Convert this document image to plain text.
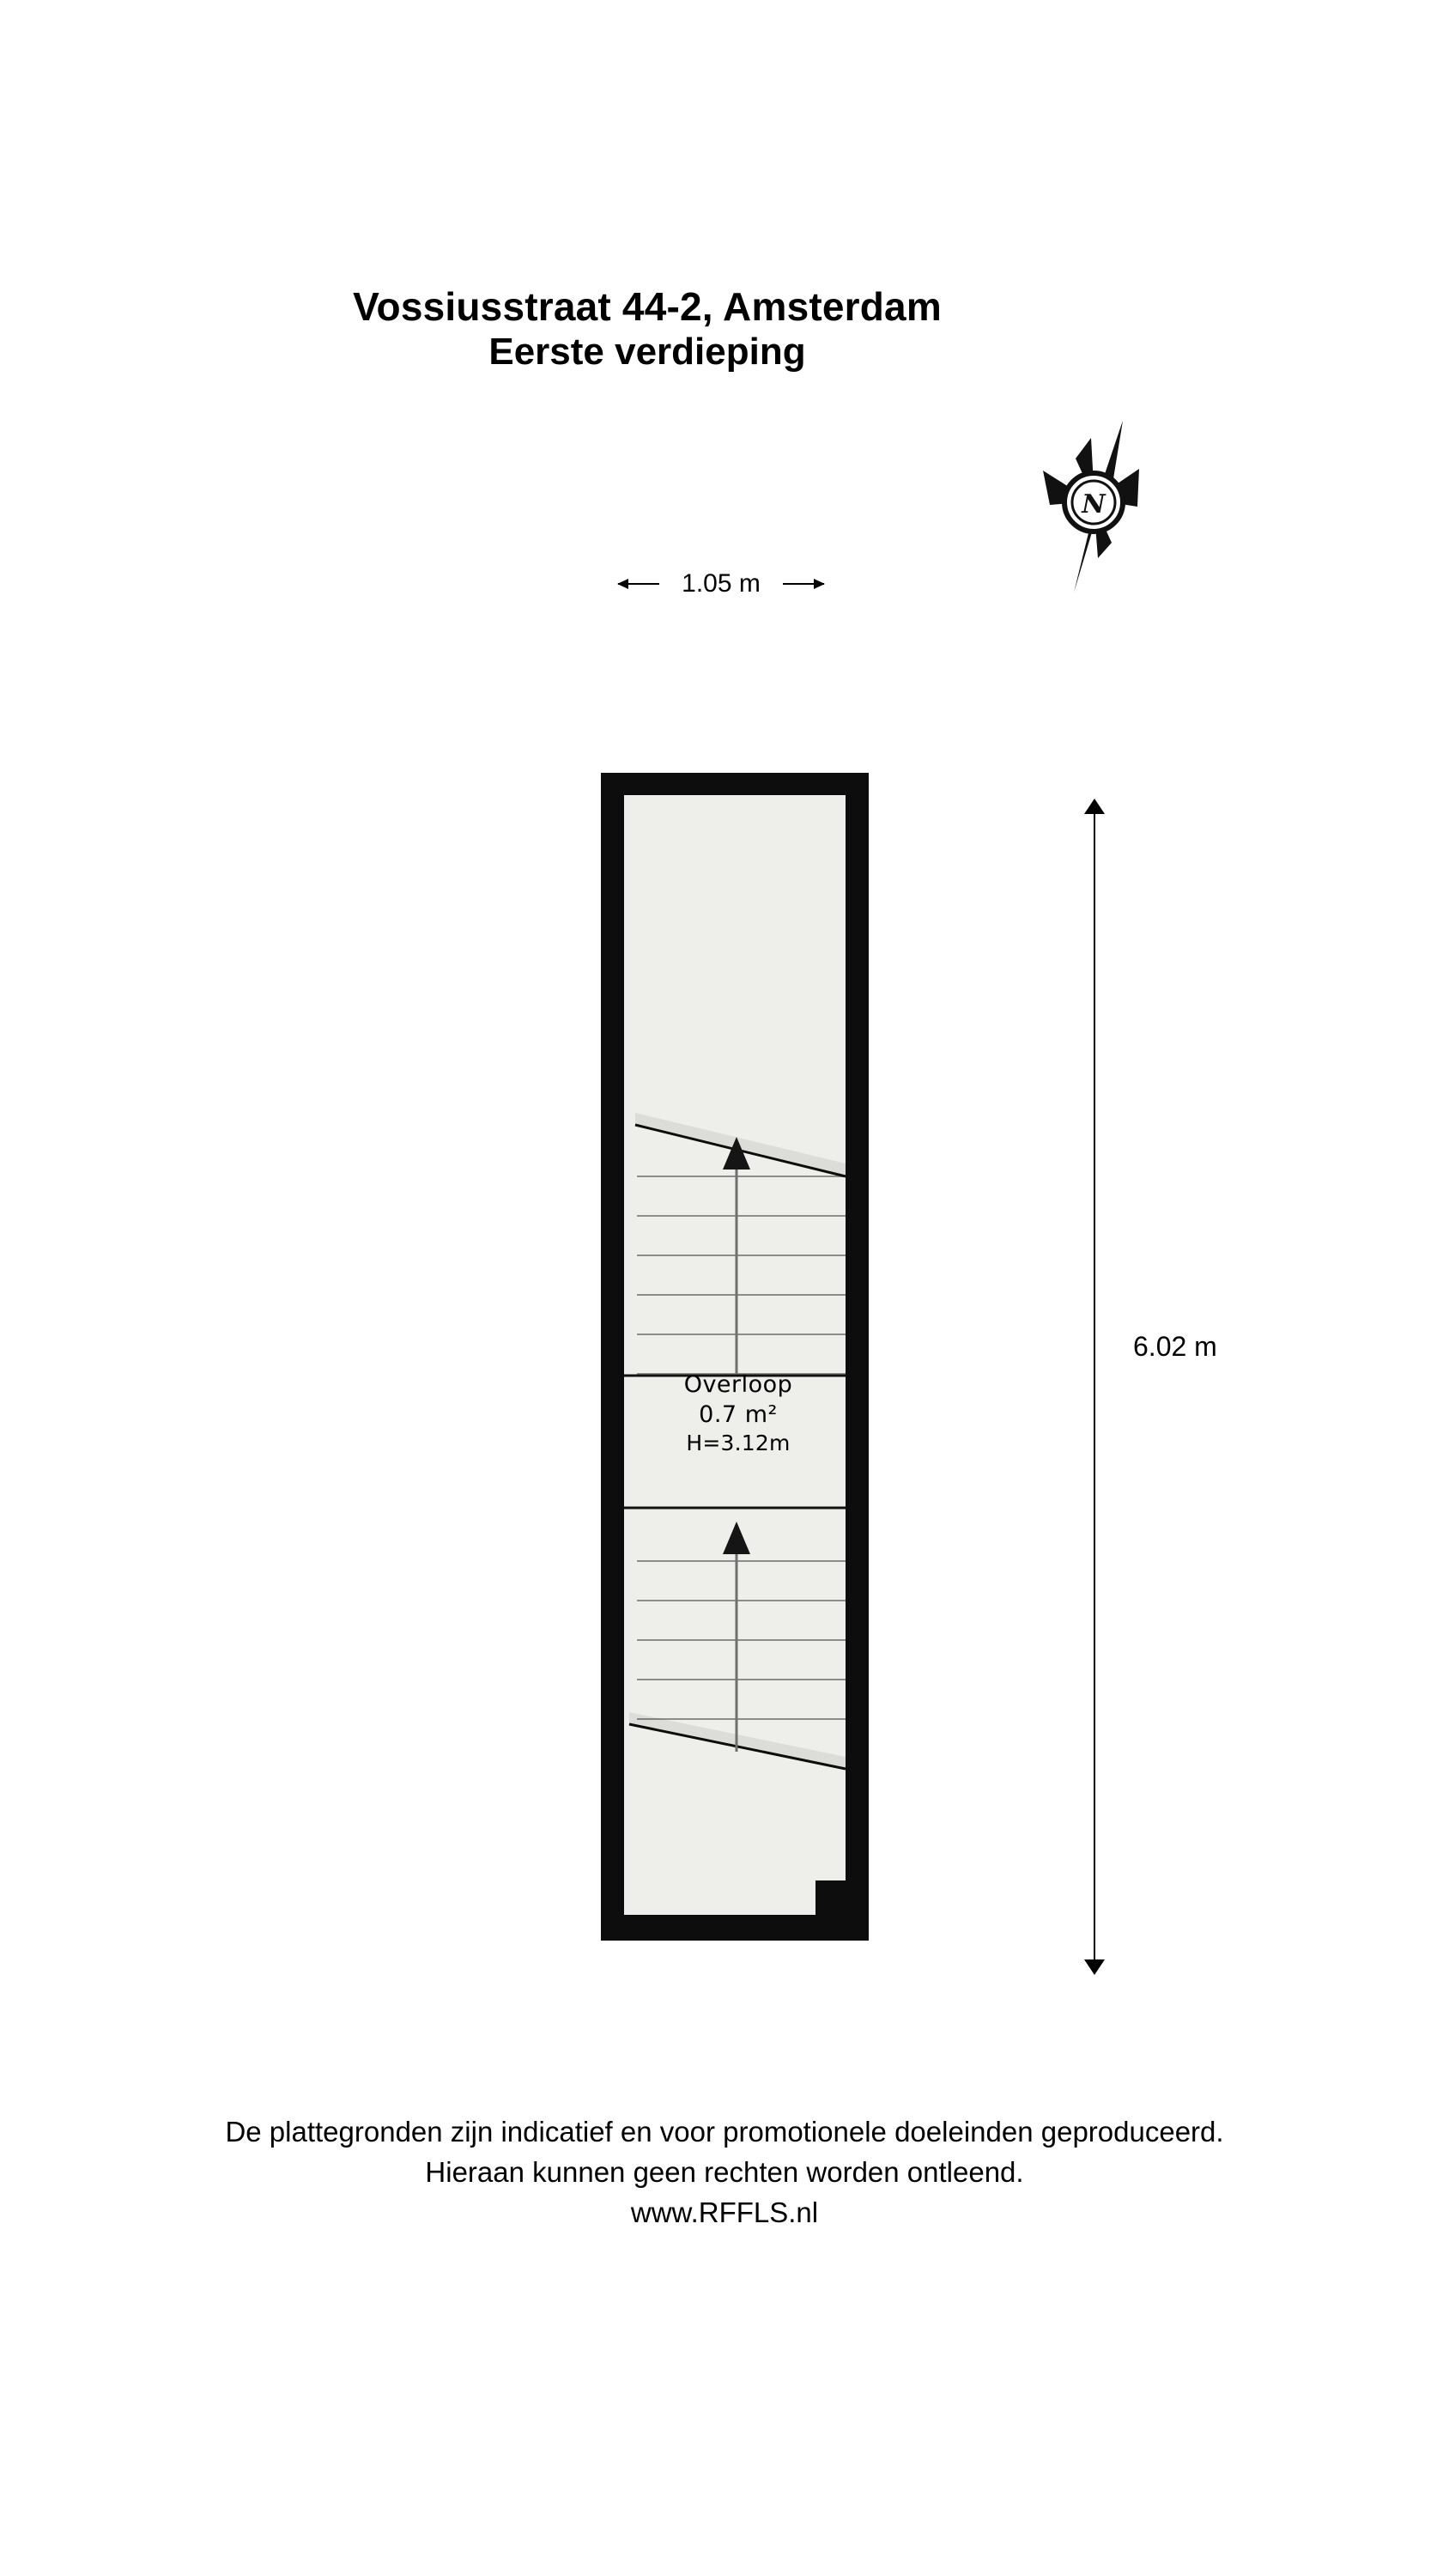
Vossiusstraat 44-2, Amsterdam
Eerste verdieping
1.05 m
N
6.02 m
Overloop
0.7 m²
H=3.12m
De plattegronden zijn indicatief en voor promotionele doeleinden geproduceerd.
Hieraan kunnen geen rechten worden ontleend.
www.RFFLS.nl
